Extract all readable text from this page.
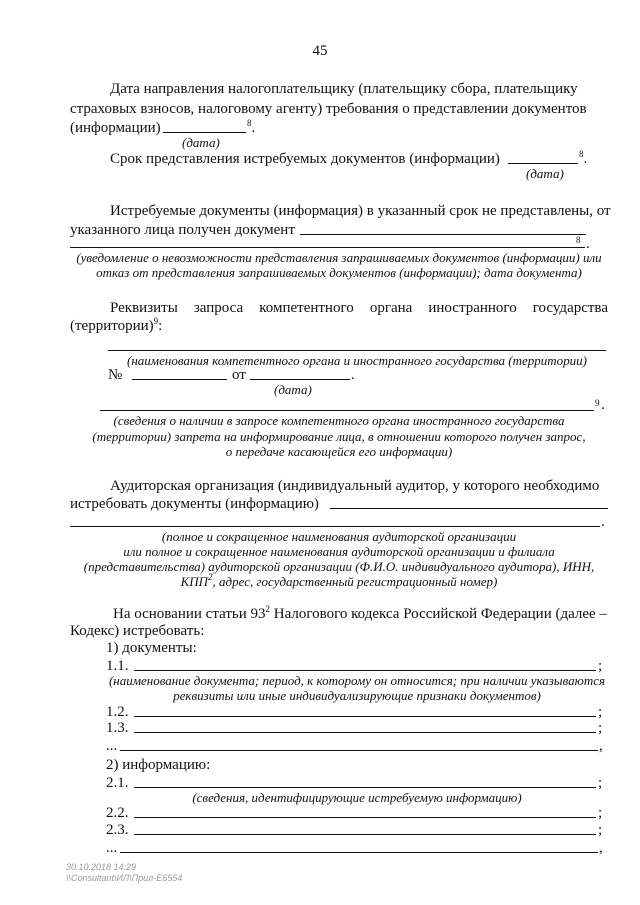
45
Дата направления налогоплательщику (плательщику сбора, плательщику
страховых взносов, налоговому агенту) требования о представлении документов
(информации)	$^8$.
(дата)
Срок представления истребуемых документов (информации)	$^8$.
(дата)
Истребуемые документы (информация) в указанный срок не представлены, от
указанного лица получен документ
8 .
(уведомление о невозможности представления запрашиваемых документов (информации) или
отказ от представления запрашиваемых документов (информации); дата документа)
Реквизиты запроса компетентного органа иностранного государства
(территории)$^9$:
(наименования компетентного органа и иностранного государства (территории)
№	от	.
(дата)
9 .
(сведения о наличии в запросе компетентного органа иностранного государства
(территории) запрета на информирование лица, в отношении которого получен запрос,
о передаче касающейся его информации)
Аудиторская организация (индивидуальный аудитор, у которого необходимо
истребовать документы (информацию)
.
(полное и сокращенное наименования аудиторской организации
или полное и сокращенное наименования аудиторской организации и филиала
(представительства) аудиторской организации (Ф.И.О. индивидуального аудитора), ИНН,
КПП$^2$, адрес, государственный регистрационный номер)
На основании статьи $93^2$ Налогового кодекса Российской Федерации (далее –
Кодекс) истребовать:
1) документы:
1.1.	;
(наименование документа; период, к которому он относится; при наличии указываются
реквизиты или иные индивидуализирующие признаки документов)
1.2.	;
1.3.	;
...	,
2) информацию:
2.1.	;
(сведения, идентифицирующие истребуемую информацию)
2.2.	;
2.3.	;
...	,
30.10.2018 14:29
\\Consultant\ИЛ\Прил-Е6554
